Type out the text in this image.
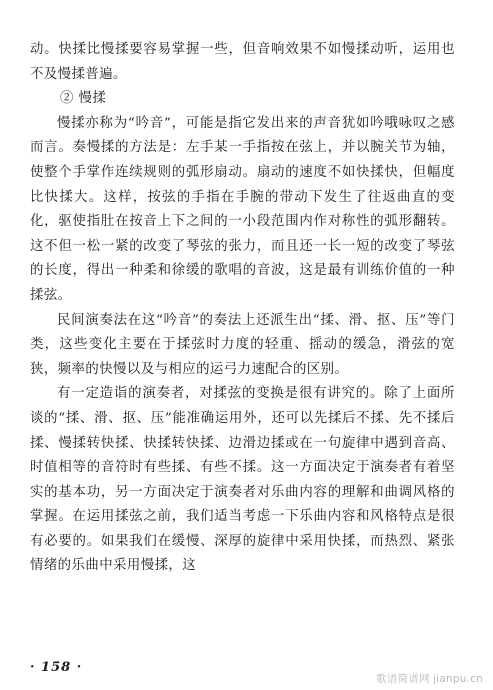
动。快揉比慢揉要容易掌握一些，但音响效果不如慢揉动听，运用也不及慢揉普遍。

② 慢揉

慢揉亦称为“吟音”，可能是指它发出来的声音犹如吟哦咏叹之感而言。奏慢揉的方法是：左手某一手指按在弦上，并以腕关节为轴，使整个手掌作连续规则的弧形扇动。扇动的速度不如快揉快，但幅度比快揉大。这样，按弦的手指在手腕的带动下发生了往返曲直的变化，驱使指肚在按音上下之间的一小段范围内作对称性的弧形翻转。这不但一松一紧的改变了琴弦的张力，而且还一长一短的改变了琴弦的长度，得出一种柔和徐缓的歌唱的音波，这是最有训练价值的一种揉弦。

民间演奏法在这“吟音”的奏法上还派生出“揉、滑、抠、压”等门类，这些变化主要在于揉弦时力度的轻重、摇动的缓急，滑弦的宽狭，频率的快慢以及与相应的运弓力速配合的区别。

有一定造诣的演奏者，对揉弦的变换是很有讲究的。除了上面所谈的“揉、滑、抠、压”能准确运用外，还可以先揉后不揉、先不揉后揉、慢揉转快揉、快揉转快揉、边滑边揉或在一句旋律中遇到音高、时值相等的音符时有些揉、有些不揉。这一方面决定于演奏者有着坚实的基本功，另一方面决定于演奏者对乐曲内容的理解和曲调风格的掌握。在运用揉弦之前，我们适当考虑一下乐曲内容和风格特点是很有必要的。如果我们在缓慢、深厚的旋律中采用快揉，而热烈、紧张情绪的乐曲中采用慢揉，这

· 158 ·
歌谱简谱网 jianpu.cn
